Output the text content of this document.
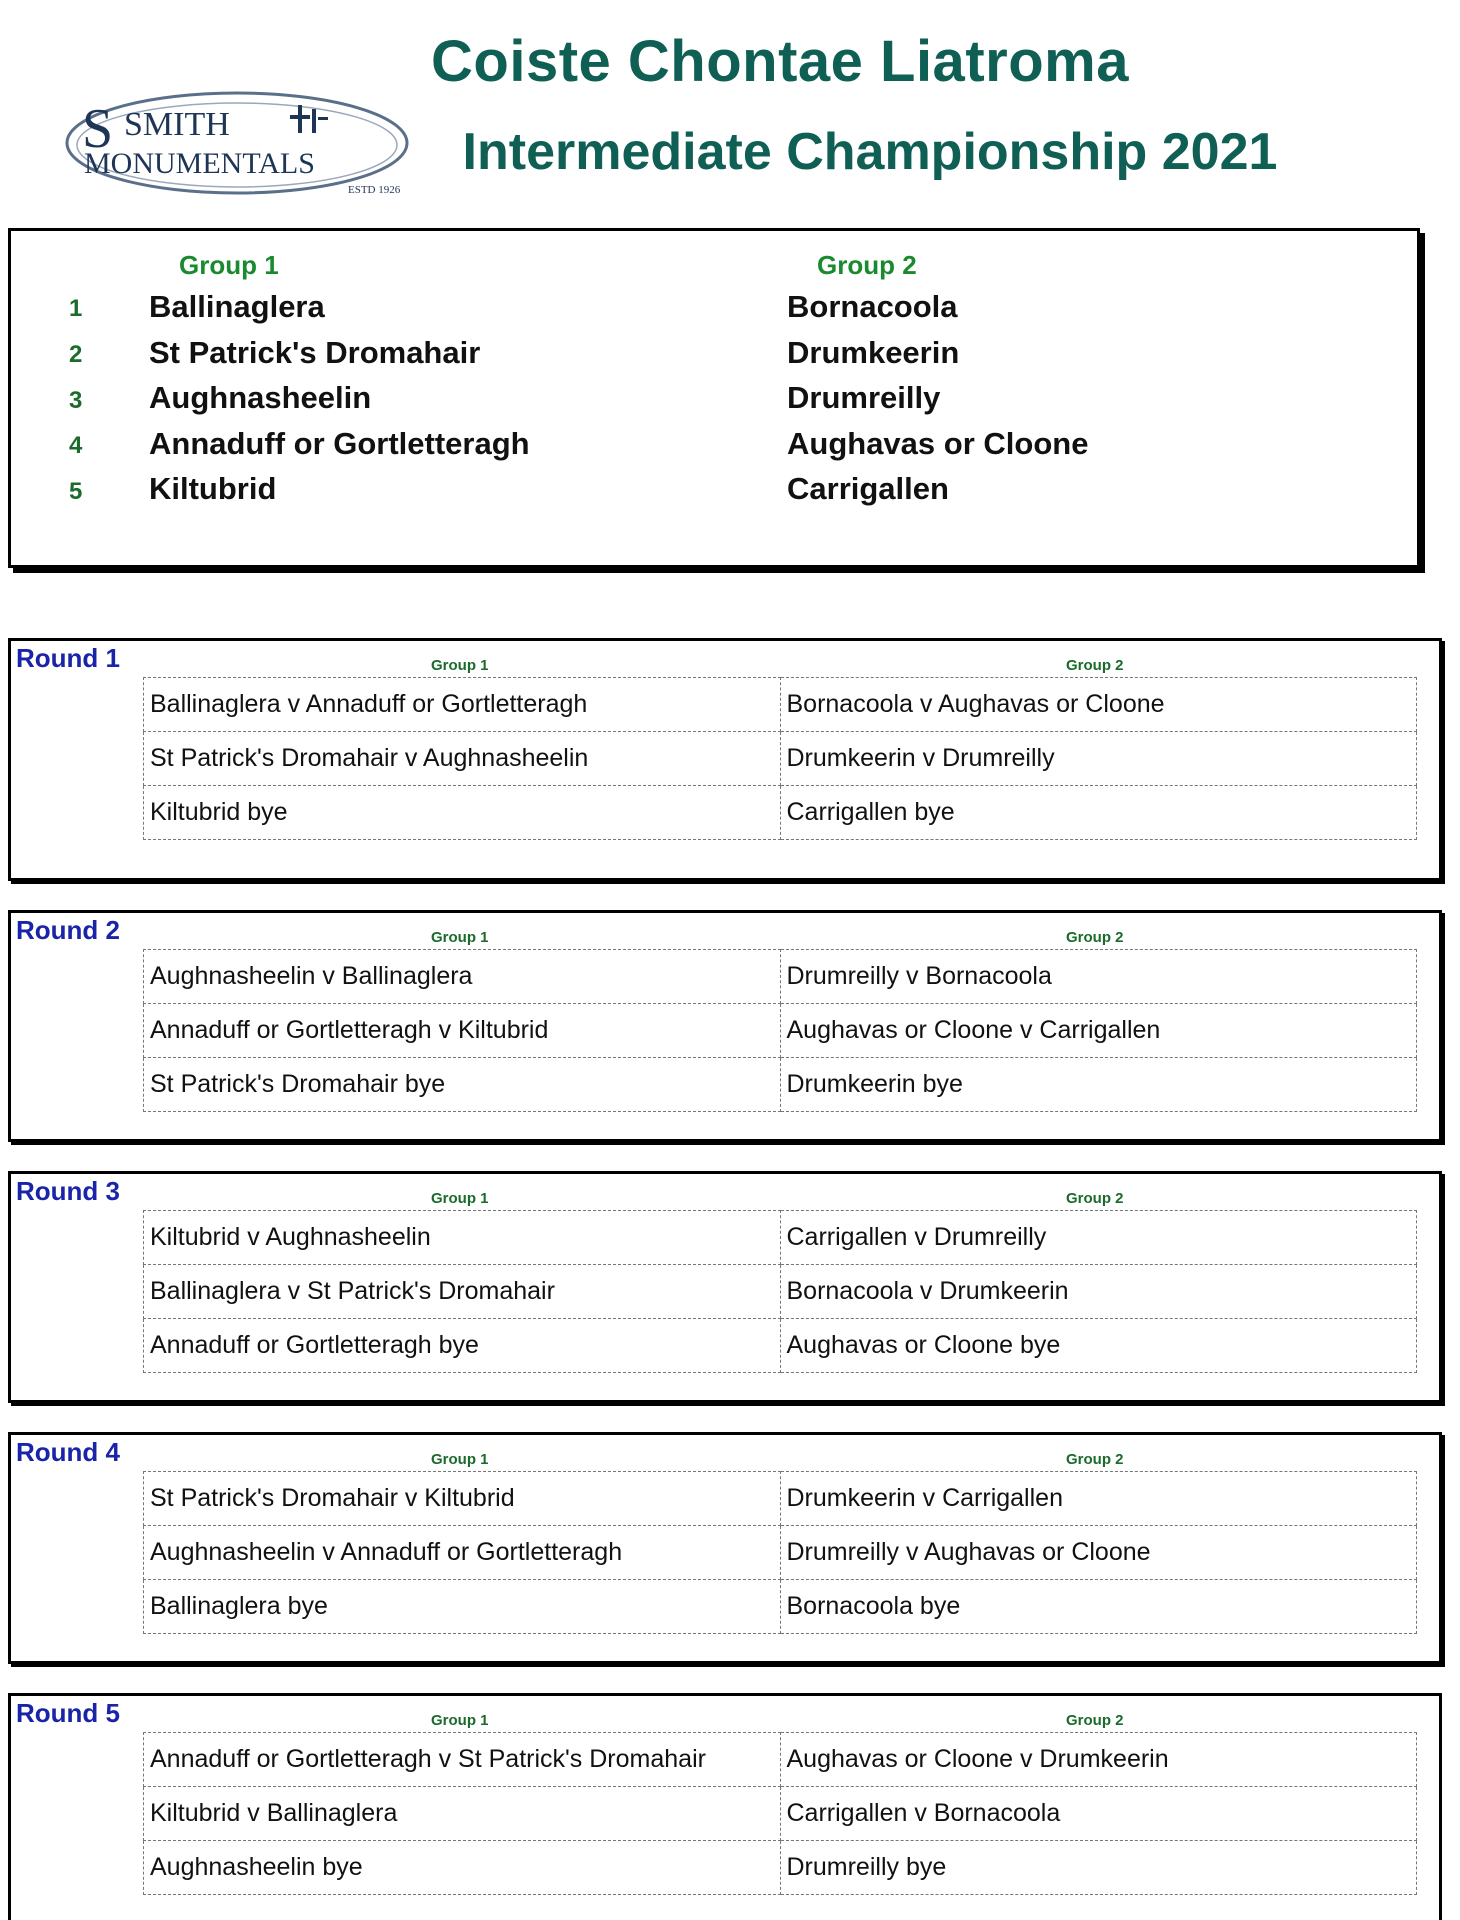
S SMITH
MONUMENTALS
ESTD 1926
Coiste Chontae Liatroma
Intermediate Championship 2021
Group 1	Group 2
1 Ballinaglera	Bornacoola
2 St Patrick's Dromahair	Drumkeerin
3 Aughnasheelin	Drumreilly
4 Annaduff or Gortletteragh	Aughavas or Cloone
5 Kiltubrid	Carrigallen
Round 1	Group 1	Group 2
Ballinaglera v Annaduff or Gortletteragh	Bornacoola v Aughavas or Cloone
St Patrick's Dromahair v Aughnasheelin	Drumkeerin v Drumreilly
Kiltubrid bye	Carrigallen bye
Round 2	Group 1	Group 2
Aughnasheelin v Ballinaglera	Drumreilly v Bornacoola
Annaduff or Gortletteragh v Kiltubrid	Aughavas or Cloone v Carrigallen
St Patrick's Dromahair bye	Drumkeerin bye
Round 3	Group 1	Group 2
Kiltubrid v Aughnasheelin	Carrigallen v Drumreilly
Ballinaglera v St Patrick's Dromahair	Bornacoola v Drumkeerin
Annaduff or Gortletteragh bye	Aughavas or Cloone bye
Round 4	Group 1	Group 2
St Patrick's Dromahair v Kiltubrid	Drumkeerin v Carrigallen
Aughnasheelin v Annaduff or Gortletteragh	Drumreilly v Aughavas or Cloone
Ballinaglera bye	Bornacoola bye
Round 5	Group 1	Group 2
Annaduff or Gortletteragh v St Patrick's Dromahair	Aughavas or Cloone v Drumkeerin
Kiltubrid v Ballinaglera	Carrigallen v Bornacoola
Aughnasheelin bye	Drumreilly bye
